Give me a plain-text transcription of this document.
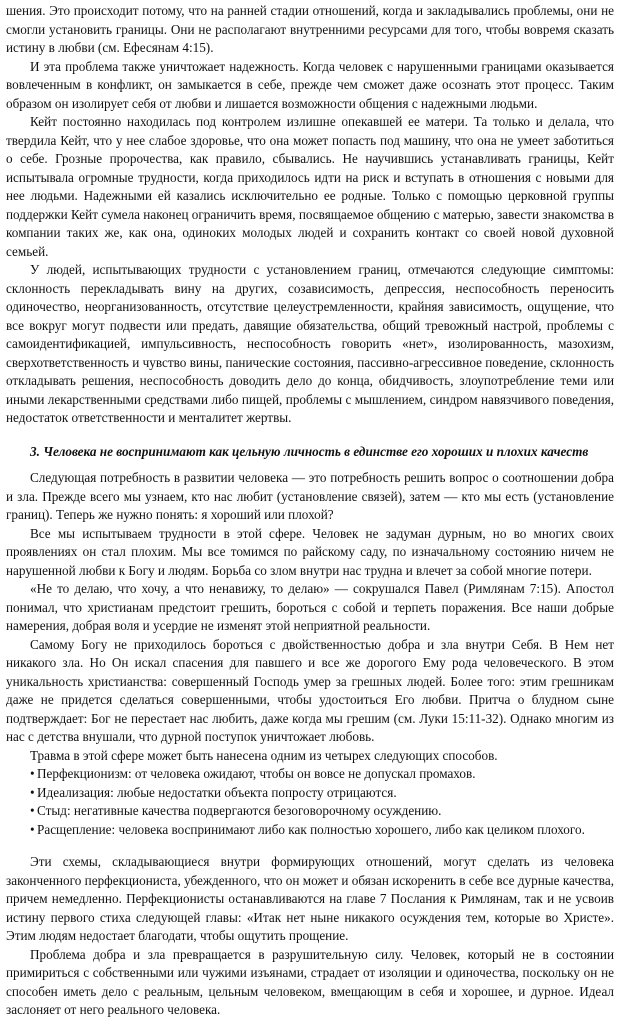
шения. Это происходит потому, что на ранней стадии отношений, когда и закладывались проблемы, они не смогли установить границы. Они не располагают внутренними ресурсами для того, чтобы вовремя сказать истину в любви (см. Ефесянам 4:15).

И эта проблема также уничтожает надежность. Когда человек с нарушенными границами оказывается вовлеченным в конфликт, он замыкается в себе, прежде чем сможет даже осознать этот процесс. Таким образом он изолирует себя от любви и лишается возможности общения с надежными людьми.

Кейт постоянно находилась под контролем излишне опекавшей ее матери. Та только и делала, что твердила Кейт, что у нее слабое здоровье, что она может попасть под машину, что она не умеет заботиться о себе. Грозные пророчества, как правило, сбывались. Не научившись устанавливать границы, Кейт испытывала огромные трудности, когда приходилось идти на риск и вступать в отношения с новыми для нее людьми. Надежными ей казались исключительно ее родные. Только с помощью церковной группы поддержки Кейт сумела наконец ограничить время, посвящаемое общению с матерью, завести знакомства в компании таких же, как она, одиноких молодых людей и сохранить контакт со своей новой духовной семьей.

У людей, испытывающих трудности с установлением границ, отмечаются следующие симптомы: склонность перекладывать вину на других, созависимость, депрессия, неспособность переносить одиночество, неорганизованность, отсутствие целеустремленности, крайняя зависимость, ощущение, что все вокруг могут подвести или предать, давящие обязательства, общий тревожный настрой, проблемы с самоидентификацией, импульсивность, неспособность говорить «нет», изолированность, мазохизм, сверхответственность и чувство вины, панические состояния, пассивно-агрессивное поведение, склонность откладывать решения, неспособность доводить дело до конца, обидчивость, злоупотребление теми или иными лекарственными средствами либо пищей, проблемы с мышлением, синдром навязчивого поведения, недостаток ответственности и менталитет жертвы.

3. Человека не воспринимают как цельную личность в единстве его хороших и плохих качеств

Следующая потребность в развитии человека — это потребность решить вопрос о соотношении добра и зла. Прежде всего мы узнаем, кто нас любит (установление связей), затем — кто мы есть (установление границ). Теперь же нужно понять: я хороший или плохой?

Все мы испытываем трудности в этой сфере. Человек не задуман дурным, но во многих своих проявлениях он стал плохим. Мы все томимся по райскому саду, по изначальному состоянию ничем не нарушенной любви к Богу и людям. Борьба со злом внутри нас трудна и влечет за собой многие потери.

«Не то делаю, что хочу, а что ненавижу, то делаю» — сокрушался Павел (Римлянам 7:15). Апостол понимал, что христианам предстоит грешить, бороться с собой и терпеть поражения. Все наши добрые намерения, добрая воля и усердие не изменят этой неприятной реальности.

Самому Богу не приходилось бороться с двойственностью добра и зла внутри Себя. В Нем нет никакого зла. Но Он искал спасения для павшего и все же дорогого Ему рода человеческого. В этом уникальность христианства: совершенный Господь умер за грешных людей. Более того: этим грешникам даже не придется сделаться совершенными, чтобы удостоиться Его любви. Притча о блудном сыне подтверждает: Бог не перестает нас любить, даже когда мы грешим (см. Луки 15:11-32). Однако многим из нас с детства внушали, что дурной поступок уничтожает любовь.

Травма в этой сфере может быть нанесена одним из четырех следующих способов.

• Перфекционизм: от человека ожидают, чтобы он вовсе не допускал промахов.
• Идеализация: любые недостатки объекта попросту отрицаются.
• Стыд: негативные качества подвергаются безоговорочному осуждению.
• Расщепление: человека воспринимают либо как полностью хорошего, либо как целиком плохого.

Эти схемы, складывающиеся внутри формирующих отношений, могут сделать из человека законченного перфекциониста, убежденного, что он может и обязан искоренить в себе все дурные качества, причем немедленно. Перфекционисты останавливаются на главе 7 Послания к Римлянам, так и не усвоив истину первого стиха следующей главы: «Итак нет ныне никакого осуждения тем, которые во Христе». Этим людям недостает благодати, чтобы ощутить прощение.

Проблема добра и зла превращается в разрушительную силу. Человек, который не в состоянии примириться с собственными или чужими изъянами, страдает от изоляции и одиночества, поскольку он не способен иметь дело с реальным, цельным человеком, вмещающим в себя и хорошее, и дурное. Идеал заслоняет от него реального человека.
